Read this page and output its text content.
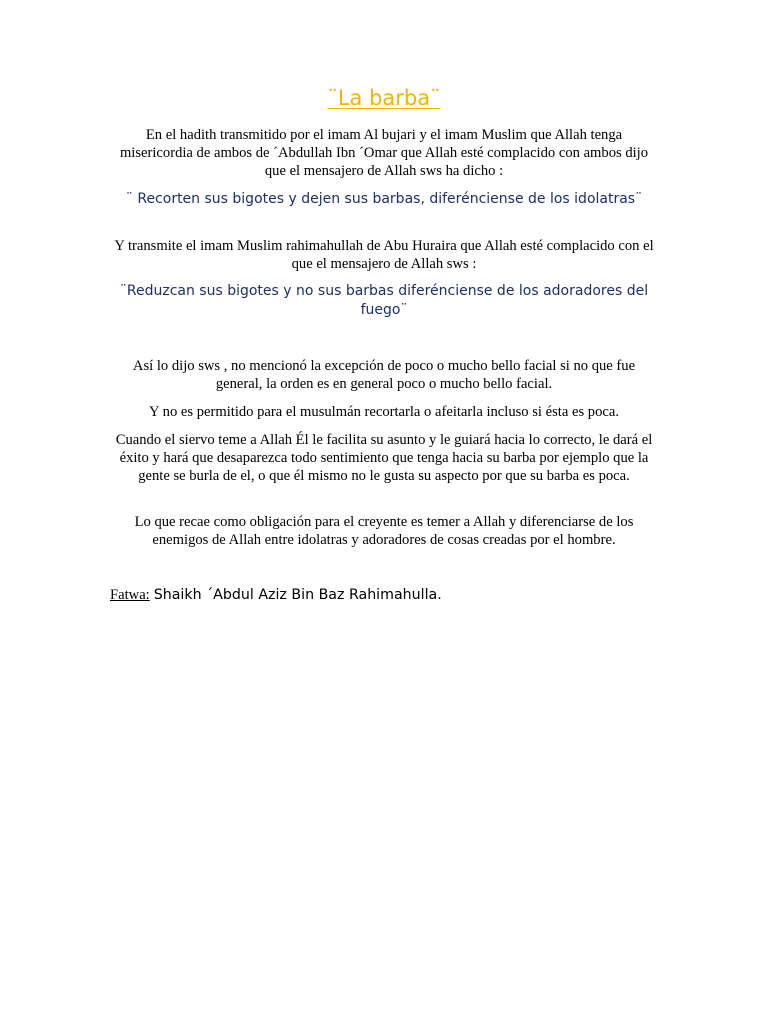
¨La barba¨

En el hadith transmitido por el imam Al bujari y el imam Muslim que Allah tenga misericordia de ambos de ´Abdullah Ibn ´Omar que Allah esté complacido con ambos dijo que el mensajero de Allah sws ha dicho :

¨ Recorten sus bigotes y dejen sus barbas, diferénciense de los idolatras¨

Y transmite el imam Muslim rahimahullah de Abu Huraira que Allah esté complacido con el que el mensajero de Allah sws :

¨Reduzcan sus bigotes y no sus barbas diferénciense de los adoradores del fuego¨

Así lo dijo sws , no mencionó la excepción de poco o mucho bello facial si no que fue general, la orden es en general poco o mucho bello facial.

Y no es permitido para el musulmán recortarla o afeitarla incluso si ésta es poca.

Cuando el siervo teme a Allah Él le facilita su asunto y le guiará hacia lo correcto, le dará el éxito y hará que desaparezca todo sentimiento que tenga hacia su barba por ejemplo que la gente se burla de el, o que él mismo no le gusta su aspecto por que su barba es poca.

Lo que recae como obligación para el creyente es temer a Allah y diferenciarse de los enemigos de Allah entre idolatras y adoradores de cosas creadas por el hombre.

Fatwa: Shaikh ´Abdul Aziz Bin Baz Rahimahulla.
